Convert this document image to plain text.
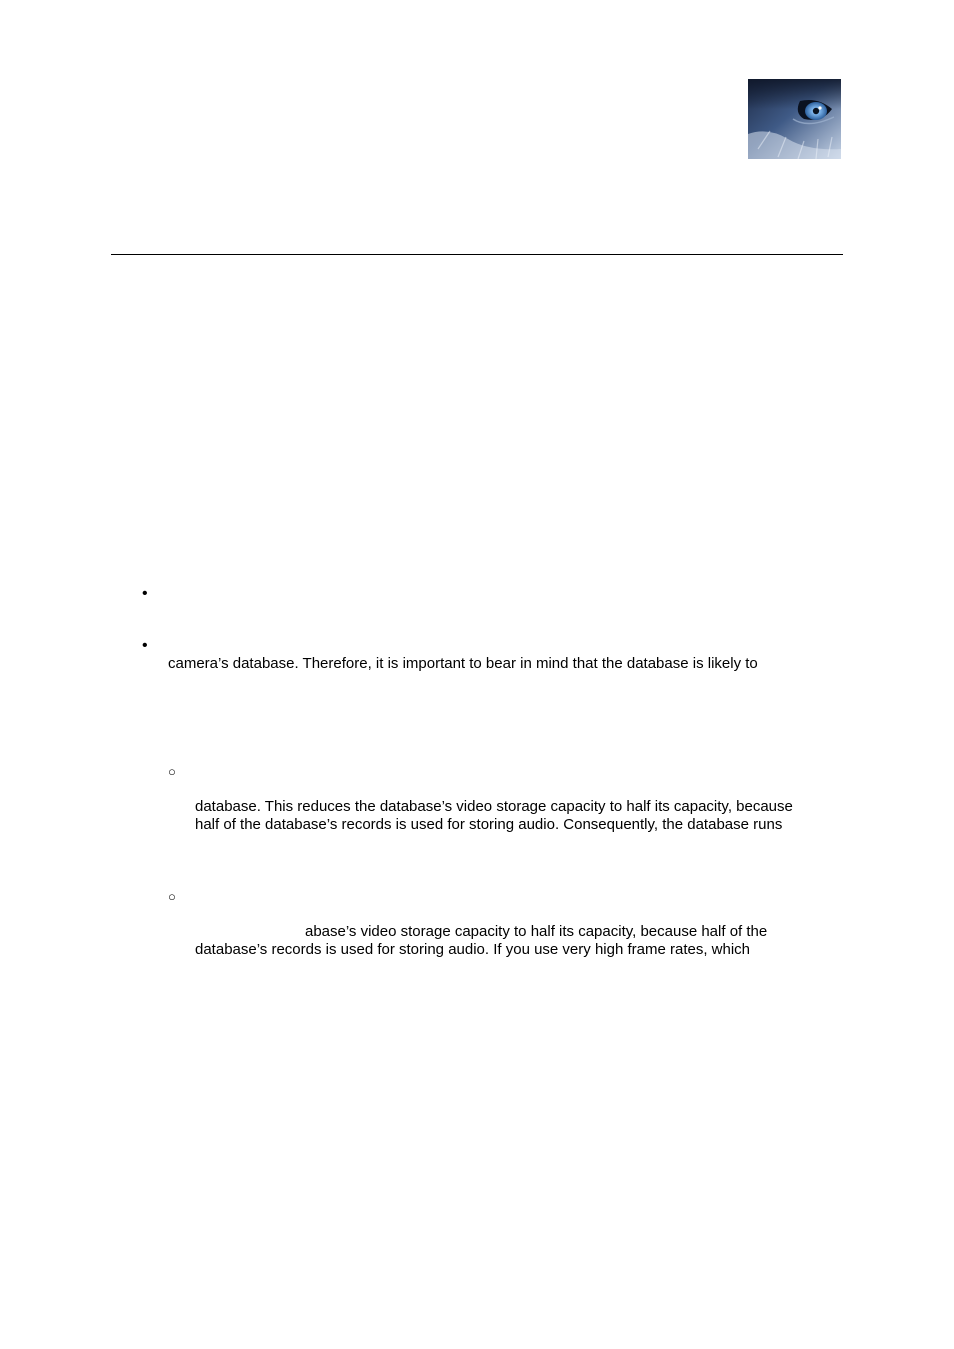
•
•
camera’s database. Therefore, it is important to bear in mind that the database is likely to
○
database. This reduces the database’s video storage capacity to half its capacity, because
half of the database’s records is used for storing audio. Consequently, the database runs
○
abase’s video storage capacity to half its capacity, because half of the
database’s records is used for storing audio. If you use very high frame rates, which
